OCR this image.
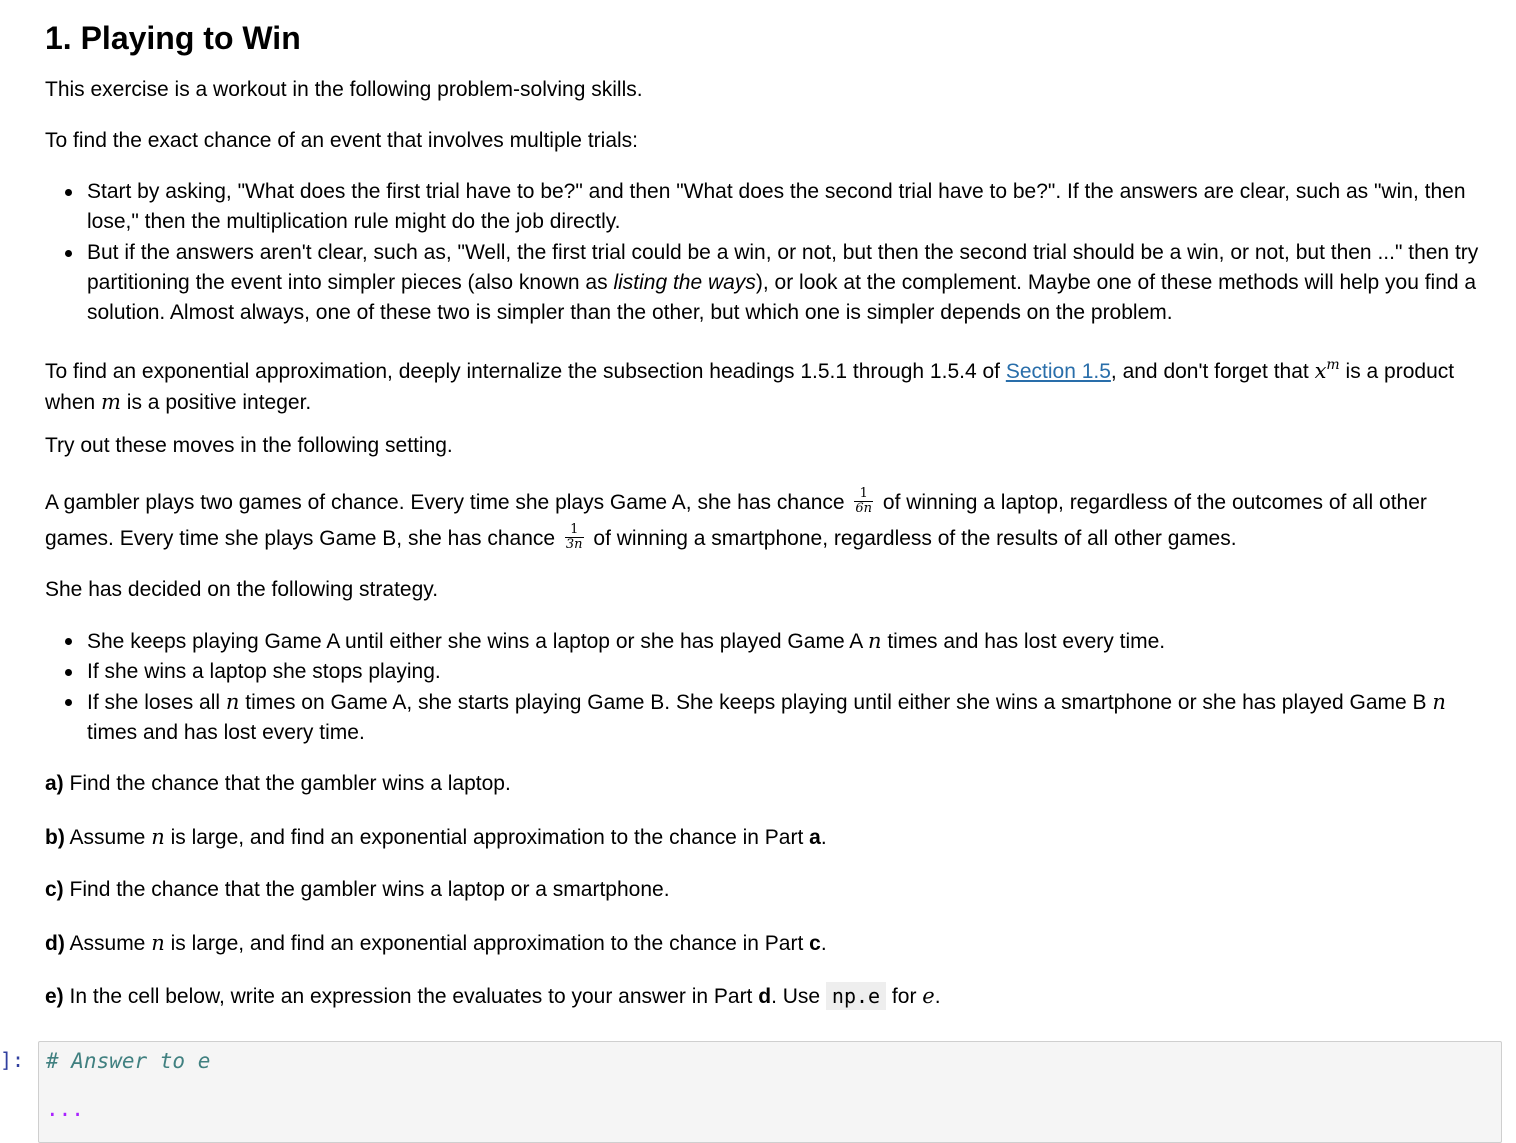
1. Playing to Win

This exercise is a workout in the following problem-solving skills.

To find the exact chance of an event that involves multiple trials:

Start by asking, "What does the first trial have to be?" and then "What does the second trial have to be?". If the answers are clear, such as "win, then lose," then the multiplication rule might do the job directly.
But if the answers aren't clear, such as, "Well, the first trial could be a win, or not, but then the second trial should be a win, or not, but then ..." then try partitioning the event into simpler pieces (also known as listing the ways), or look at the complement. Maybe one of these methods will help you find a solution. Almost always, one of these two is simpler than the other, but which one is simpler depends on the problem.

To find an exponential approximation, deeply internalize the subsection headings 1.5.1 through 1.5.4 of Section 1.5, and don't forget that $x^m$ is a product when m is a positive integer.

Try out these moves in the following setting.

A gambler plays two games of chance. Every time she plays Game A, she has chance $\frac{1}{6n}$ of winning a laptop, regardless of the outcomes of all other games. Every time she plays Game B, she has chance $\frac{1}{3n}$ of winning a smartphone, regardless of the results of all other games.

She has decided on the following strategy.

She keeps playing Game A until either she wins a laptop or she has played Game A n times and has lost every time.
If she wins a laptop she stops playing.
If she loses all n times on Game A, she starts playing Game B. She keeps playing until either she wins a smartphone or she has played Game B n times and has lost every time.

a) Find the chance that the gambler wins a laptop.

b) Assume n is large, and find an exponential approximation to the chance in Part a.

c) Find the chance that the gambler wins a laptop or a smartphone.

d) Assume n is large, and find an exponential approximation to the chance in Part c.

e) In the cell below, write an expression the evaluates to your answer in Part d. Use np.e for e.

]: # Answer to e
...
